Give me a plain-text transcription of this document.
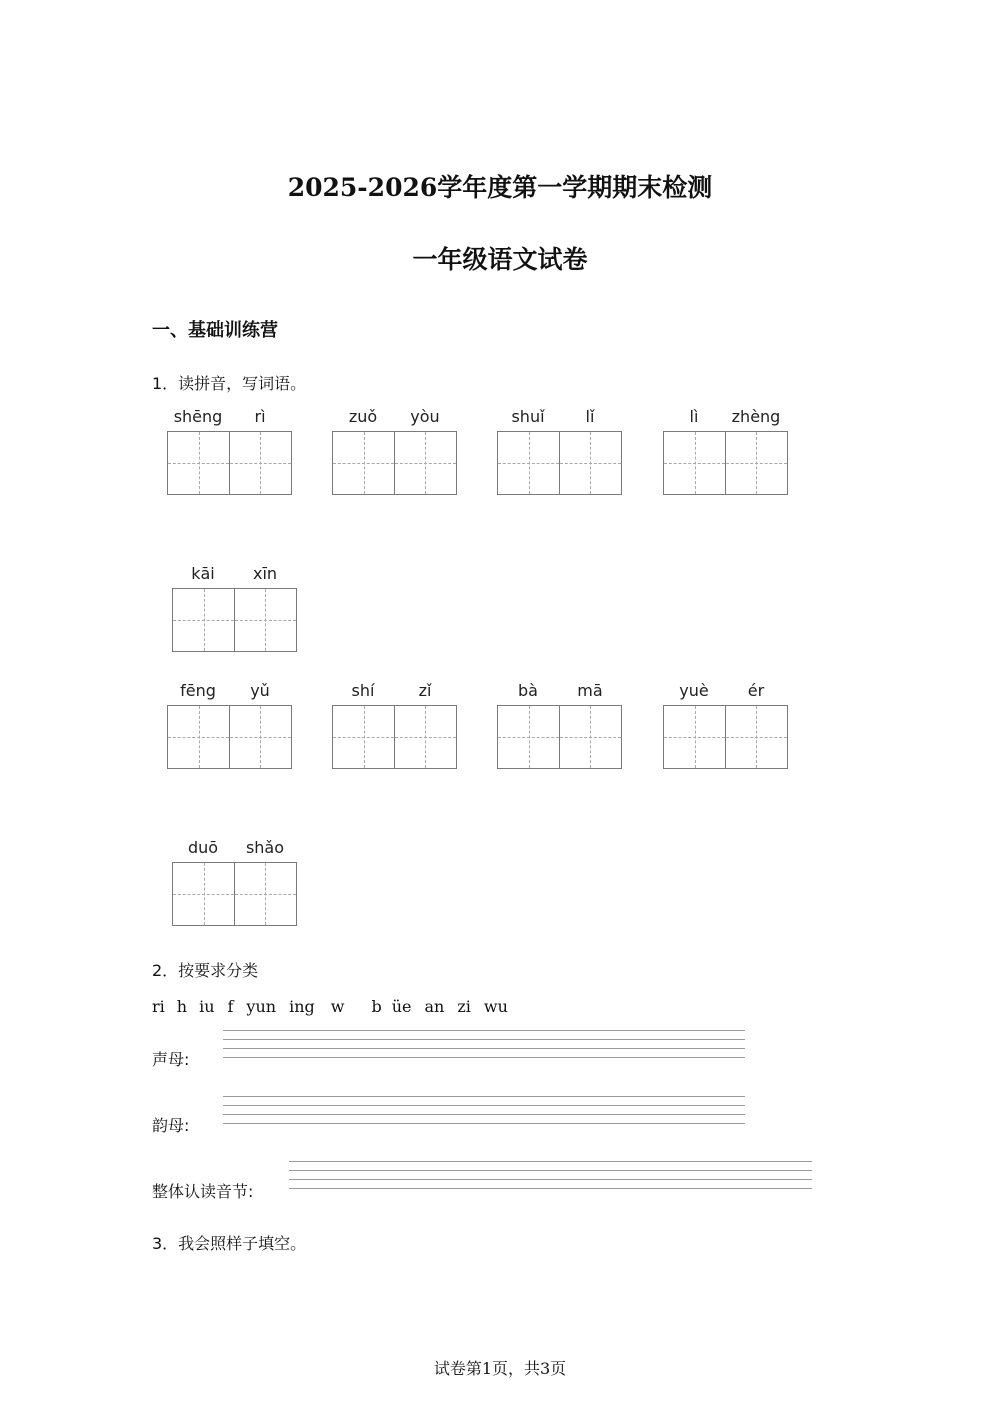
2025-2026学年度第一学期期末检测
一年级语文试卷
一、基础训练营
1．读拼音，写词语。
shēng	rì	zuǒ	yòu	shuǐ	lǐ	lì	zhèng
kāi	xīn
fēng	yǔ	shí	zǐ	bà	mā	yuè	ér
duō	shǎo
2．按要求分类
ri h iu f yun ing w b üe an zi wu
声母:
韵母:
整体认读音节:
3．我会照样子填空。
试卷第1页，共3页
